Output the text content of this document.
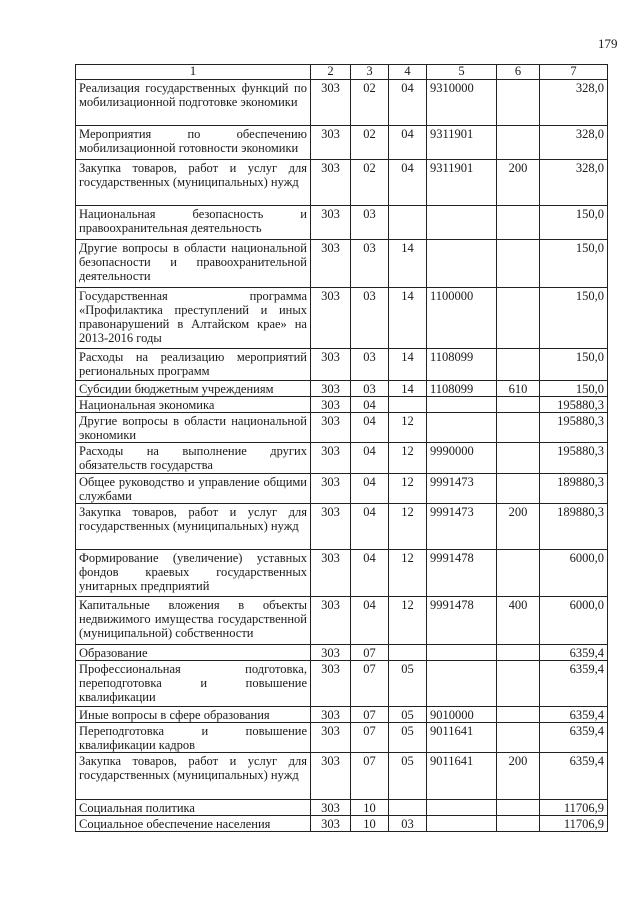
179
1	2	3	4	5	6	7
Реализация государственных функций по мобилизационной подготовке экономики	303	02	04	9310000		328,0
Мероприятия по обеспечению мобилизационной готовности экономики	303	02	04	9311901		328,0
Закупка товаров, работ и услуг для государственных (муниципальных) нужд	303	02	04	9311901	200	328,0
Национальная безопасность и правоохранительная деятельность	303	03				150,0
Другие вопросы в области национальной безопасности и правоохранительной деятельности	303	03	14			150,0
Государственная программа «Профилактика преступлений и иных правонарушений в Алтайском крае» на 2013-2016 годы	303	03	14	1100000		150,0
Расходы на реализацию мероприятий региональных программ	303	03	14	1108099		150,0
Субсидии бюджетным учреждениям	303	03	14	1108099	610	150,0
Национальная экономика	303	04				195880,3
Другие вопросы в области национальной экономики	303	04	12			195880,3
Расходы на выполнение других обязательств государства	303	04	12	9990000		195880,3
Общее руководство и управление общими службами	303	04	12	9991473		189880,3
Закупка товаров, работ и услуг для государственных (муниципальных) нужд	303	04	12	9991473	200	189880,3
Формирование (увеличение) уставных фондов краевых государственных унитарных предприятий	303	04	12	9991478		6000,0
Капитальные вложения в объекты недвижимого имущества государственной (муниципальной) собственности	303	04	12	9991478	400	6000,0
Образование	303	07				6359,4
Профессиональная подготовка, переподготовка и повышение квалификации	303	07	05			6359,4
Иные вопросы в сфере образования	303	07	05	9010000		6359,4
Переподготовка и повышение квалификации кадров	303	07	05	9011641		6359,4
Закупка товаров, работ и услуг для государственных (муниципальных) нужд	303	07	05	9011641	200	6359,4
Социальная политика	303	10				11706,9
Социальное обеспечение населения	303	10	03			11706,9
